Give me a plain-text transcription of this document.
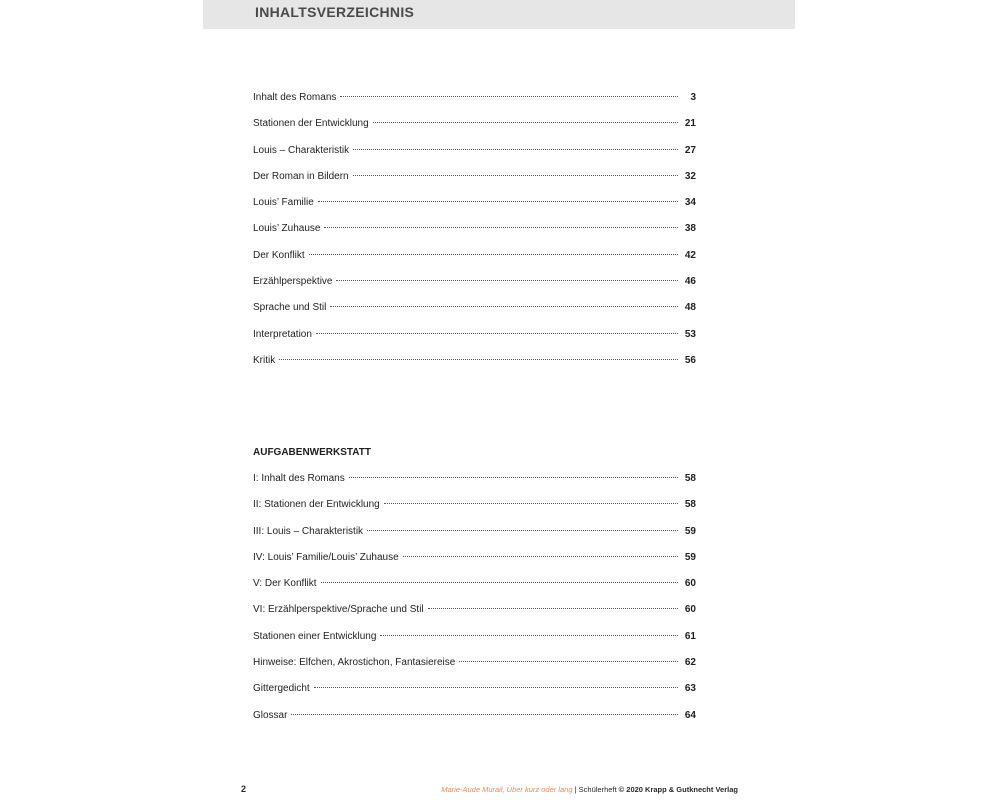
INHALTSVERZEICHNIS
Inhalt des Romans	3
Stationen der Entwicklung	21
Louis – Charakteristik	27
Der Roman in Bildern	32
Louis’ Familie	34
Louis’ Zuhause	38
Der Konflikt	42
Erzählperspektive	46
Sprache und Stil	48
Interpretation	53
Kritik	56
AUFGABENWERKSTATT
I: Inhalt des Romans	58
II: Stationen der Entwicklung	58
III: Louis – Charakteristik	59
IV: Louis’ Familie/Louis’ Zuhause	59
V: Der Konflikt	60
VI: Erzählperspektive/Sprache und Stil	60
Stationen einer Entwicklung	61
Hinweise: Elfchen, Akrostichon, Fantasiereise	62
Gittergedicht	63
Glossar	64
2	Marie-Aude Murail, Über kurz oder lang | Schülerheft © 2020 Krapp & Gutknecht Verlag
